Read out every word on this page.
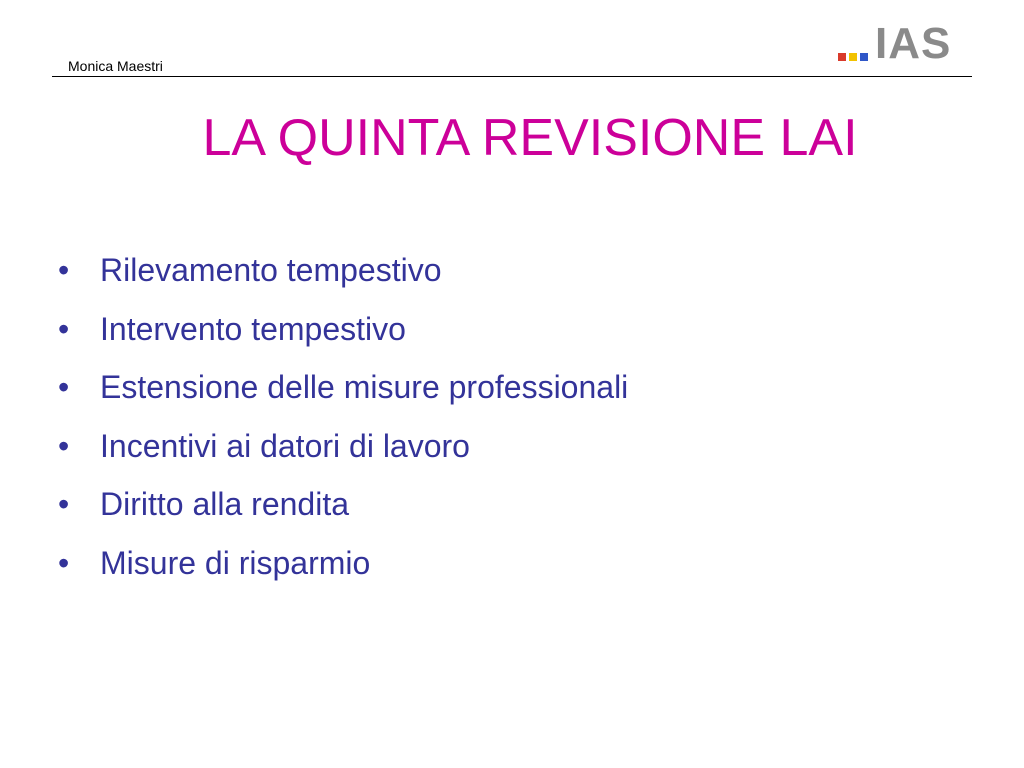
Monica Maestri	IAS
LA QUINTA REVISIONE LAI
• Rilevamento tempestivo
• Intervento tempestivo
• Estensione delle misure professionali
• Incentivi ai datori di lavoro
• Diritto alla rendita
• Misure di risparmio
